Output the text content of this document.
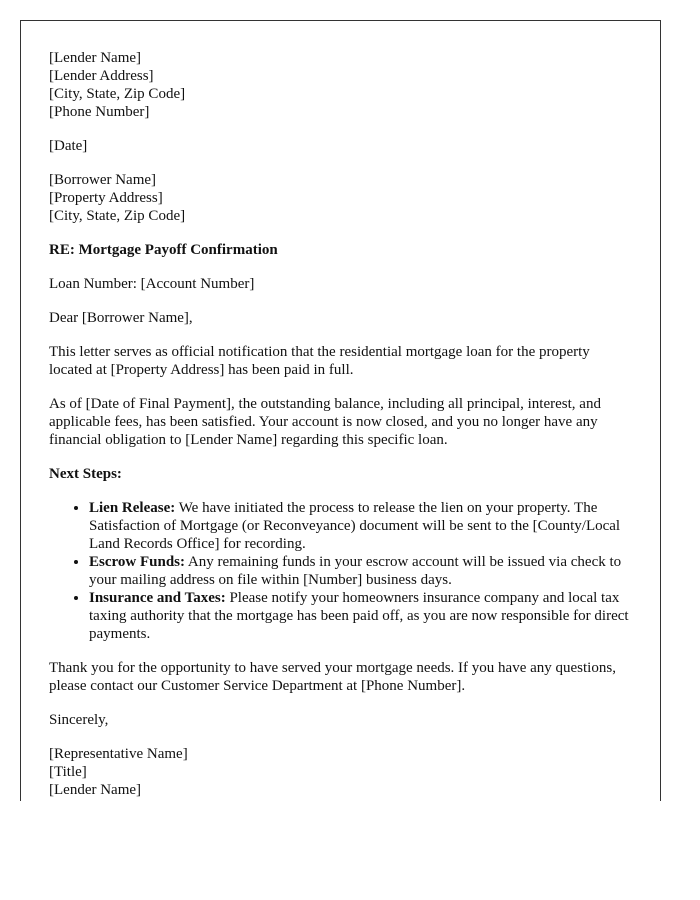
[Lender Name]
[Lender Address]
[City, State, Zip Code]
[Phone Number]

[Date]

[Borrower Name]
[Property Address]
[City, State, Zip Code]

RE: Mortgage Payoff Confirmation

Loan Number: [Account Number]

Dear [Borrower Name],

This letter serves as official notification that the residential mortgage loan for the property located at [Property Address] has been paid in full.

As of [Date of Final Payment], the outstanding balance, including all principal, interest, and applicable fees, has been satisfied. Your account is now closed, and you no longer have any financial obligation to [Lender Name] regarding this specific loan.

Next Steps:

• Lien Release: We have initiated the process to release the lien on your property. The Satisfaction of Mortgage (or Reconveyance) document will be sent to the [County/Local Land Records Office] for recording.
• Escrow Funds: Any remaining funds in your escrow account will be issued via check to your mailing address on file within [Number] business days.
• Insurance and Taxes: Please notify your homeowners insurance company and local tax taxing authority that the mortgage has been paid off, as you are now responsible for direct payments.

Thank you for the opportunity to have served your mortgage needs. If you have any questions, please contact our Customer Service Department at [Phone Number].

Sincerely,

[Representative Name]
[Title]
[Lender Name]
